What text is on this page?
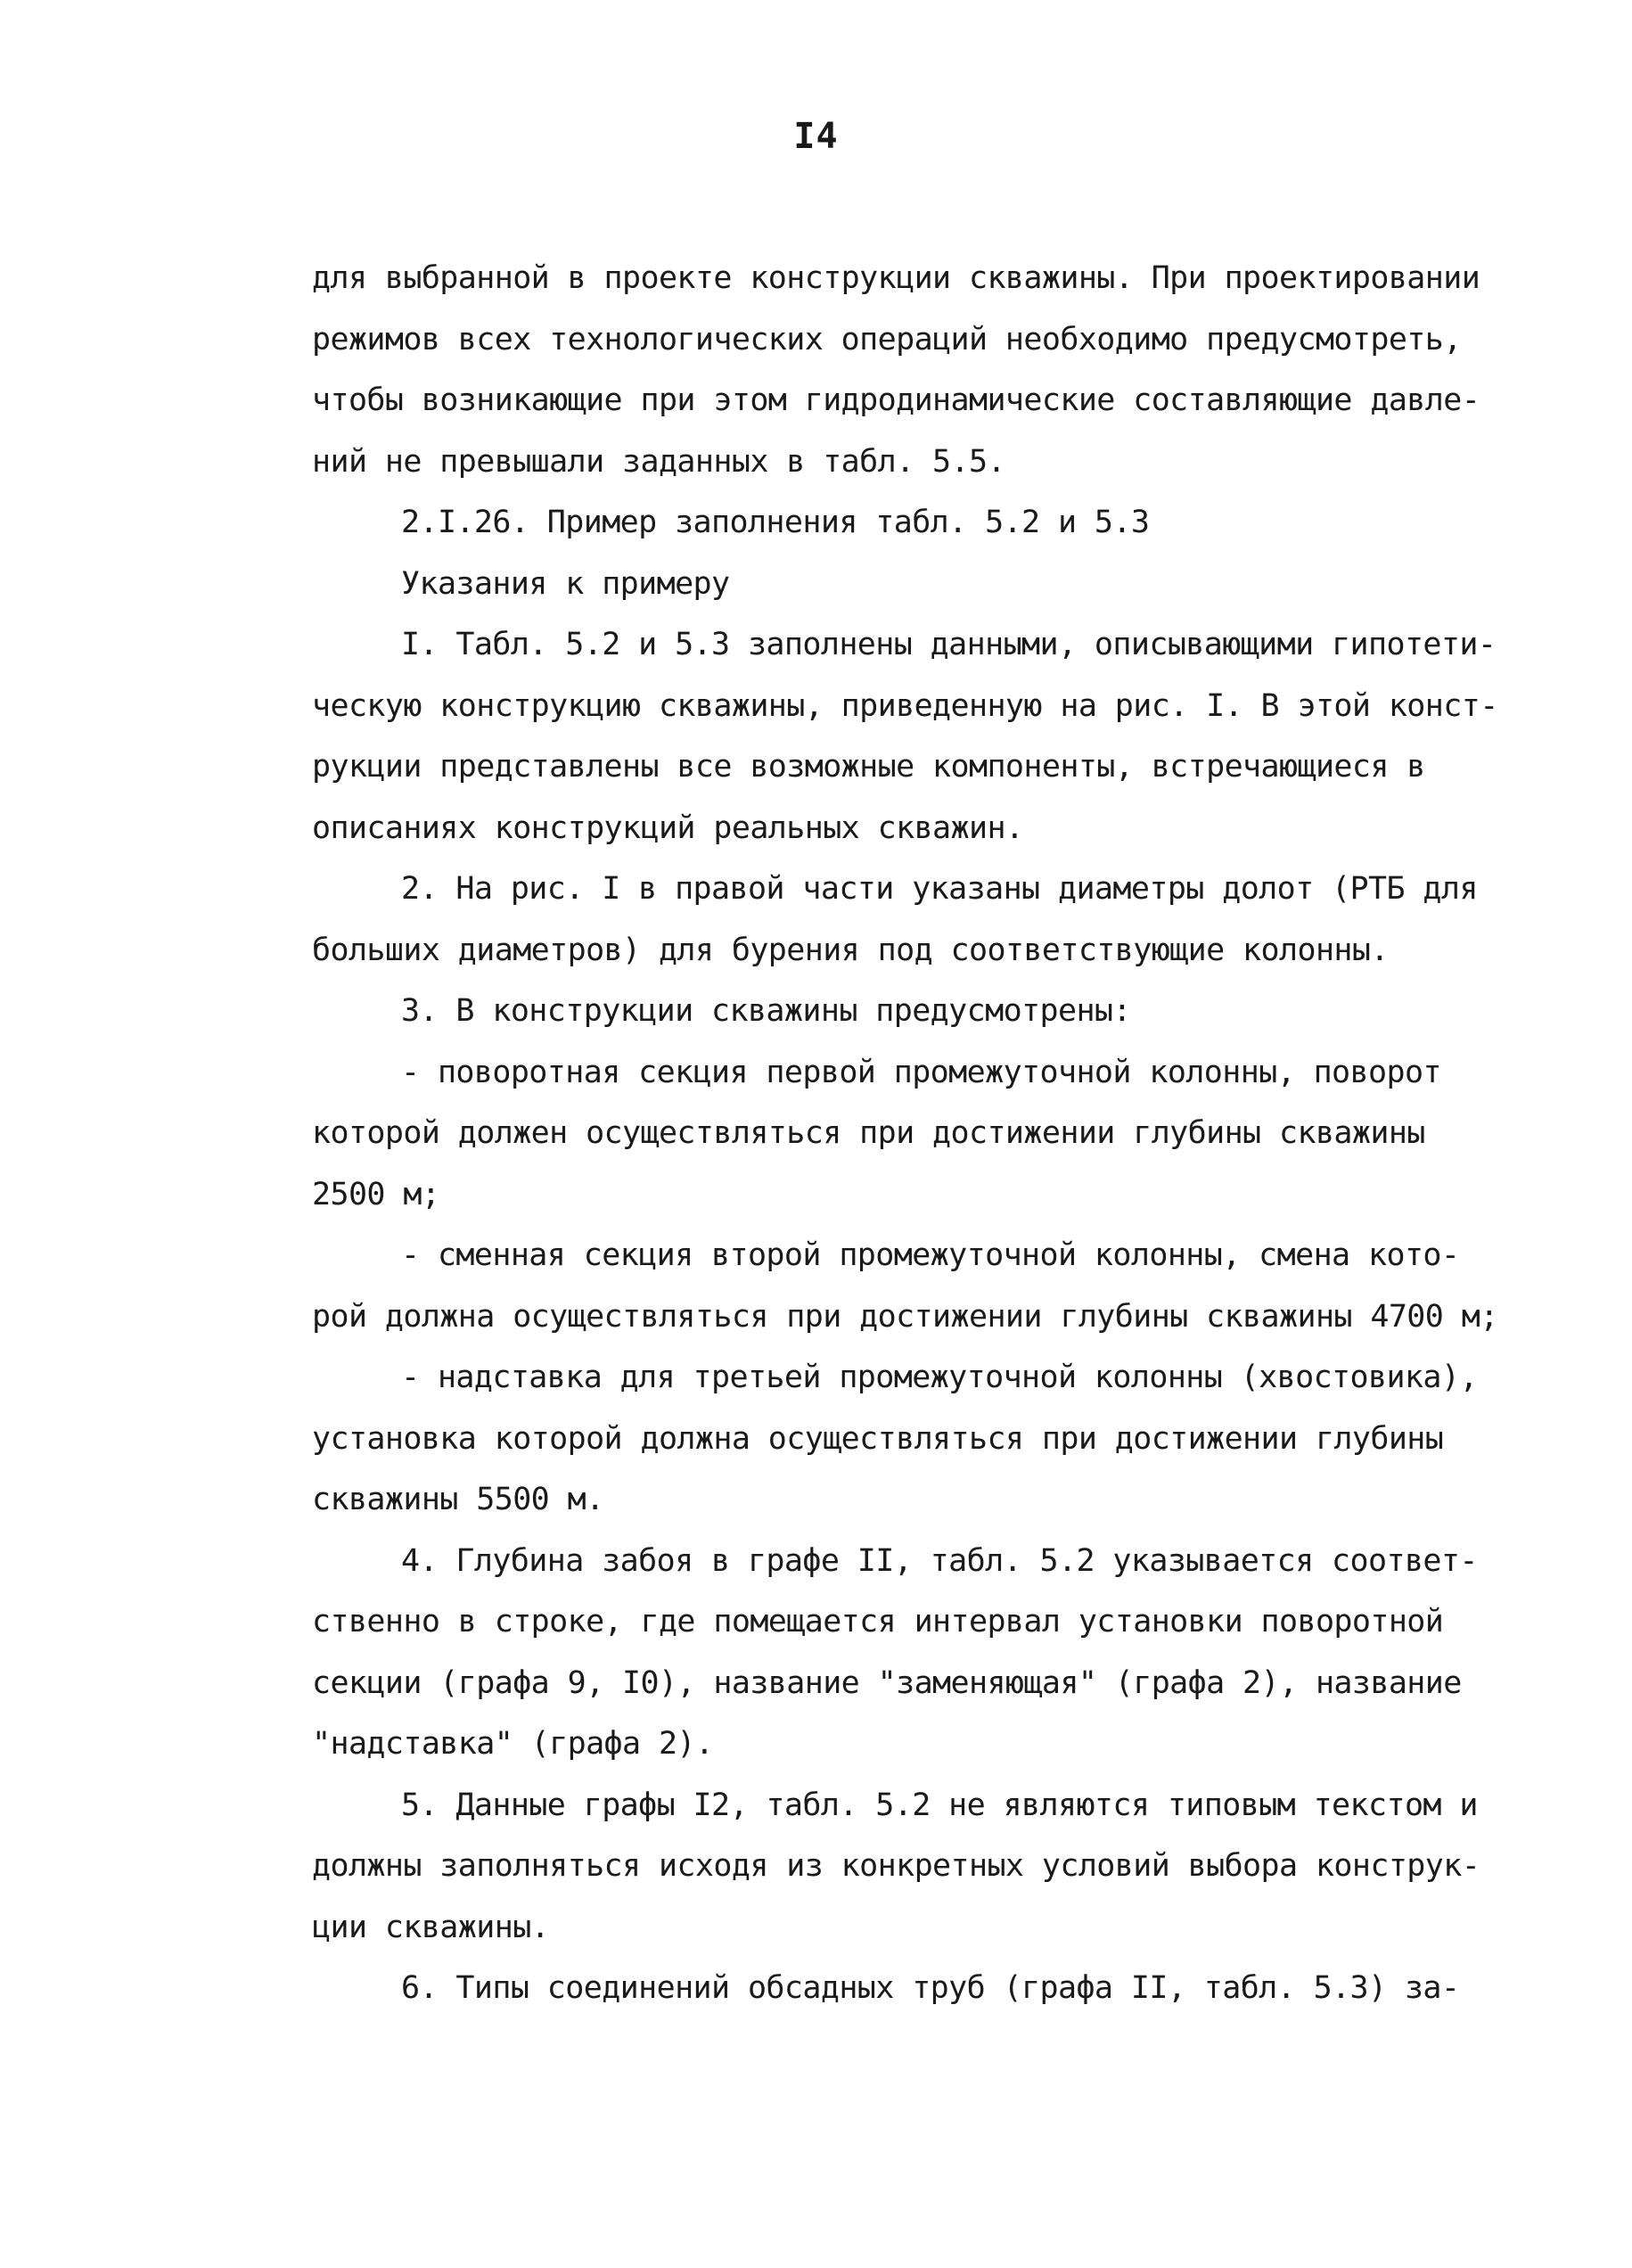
I4
для выбранной в проекте конструкции скважины. При проектировании
режимов всех технологических операций необходимо предусмотреть,
чтобы возникающие при этом гидродинамические составляющие давле-
ний не превышали заданных в табл. 5.5.
2.I.26. Пример заполнения табл. 5.2 и 5.3
Указания к примеру
I. Табл. 5.2 и 5.3 заполнены данными, описывающими гипотети-
ческую конструкцию скважины, приведенную на рис. I. В этой конст-
рукции представлены все возможные компоненты, встречающиеся в
описаниях конструкций реальных скважин.
2. На рис. I в правой части указаны диаметры долот (РТБ для
больших диаметров) для бурения под соответствующие колонны.
3. В конструкции скважины предусмотрены:
- поворотная секция первой промежуточной колонны, поворот
которой должен осуществляться при достижении глубины скважины
2500 м;
- сменная секция второй промежуточной колонны, смена кото-
рой должна осуществляться при достижении глубины скважины 4700 м;
- надставка для третьей промежуточной колонны (хвостовика),
установка которой должна осуществляться при достижении глубины
скважины 5500 м.
4. Глубина забоя в графе II, табл. 5.2 указывается соответ-
ственно в строке, где помещается интервал установки поворотной
секции (графа 9, I0), название "заменяющая" (графа 2), название
"надставка" (графа 2).
5. Данные графы I2, табл. 5.2 не являются типовым текстом и
должны заполняться исходя из конкретных условий выбора конструк-
ции скважины.
6. Типы соединений обсадных труб (графа II, табл. 5.3) за-
